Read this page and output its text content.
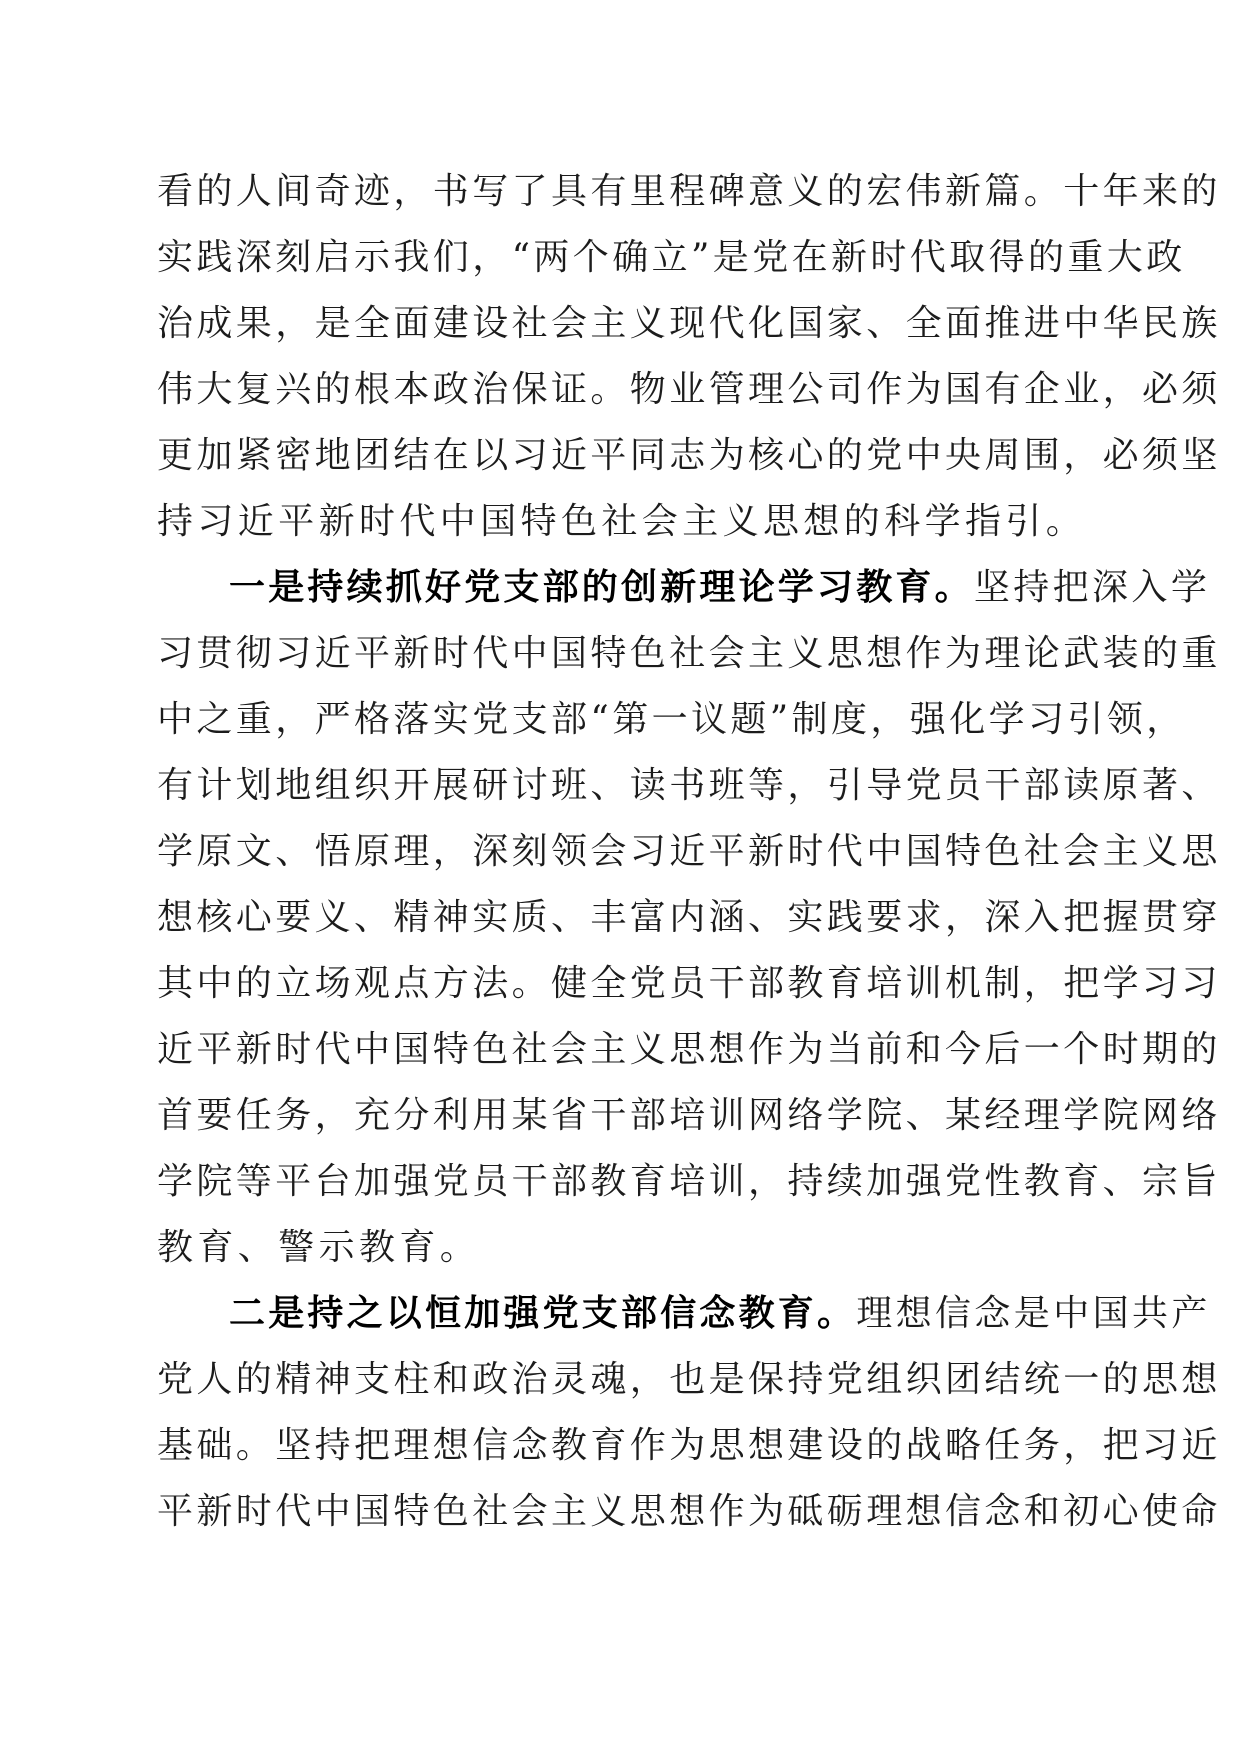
看的人间奇迹，书写了具有里程碑意义的宏伟新篇。十年来的
实践深刻启示我们，“两个确立”是党在新时代取得的重大政
治成果，是全面建设社会主义现代化国家、全面推进中华民族
伟大复兴的根本政治保证。物业管理公司作为国有企业，必须
更加紧密地团结在以习近平同志为核心的党中央周围，必须坚
持习近平新时代中国特色社会主义思想的科学指引。
一是持续抓好党支部的创新理论学习教育。坚持把深入学
习贯彻习近平新时代中国特色社会主义思想作为理论武装的重
中之重，严格落实党支部“第一议题”制度，强化学习引领，
有计划地组织开展研讨班、读书班等，引导党员干部读原著、
学原文、悟原理，深刻领会习近平新时代中国特色社会主义思
想核心要义、精神实质、丰富内涵、实践要求，深入把握贯穿
其中的立场观点方法。健全党员干部教育培训机制，把学习习
近平新时代中国特色社会主义思想作为当前和今后一个时期的
首要任务，充分利用某省干部培训网络学院、某经理学院网络
学院等平台加强党员干部教育培训，持续加强党性教育、宗旨
教育、警示教育。
二是持之以恒加强党支部信念教育。理想信念是中国共产
党人的精神支柱和政治灵魂，也是保持党组织团结统一的思想
基础。坚持把理想信念教育作为思想建设的战略任务，把习近
平新时代中国特色社会主义思想作为砥砺理想信念和初心使命
